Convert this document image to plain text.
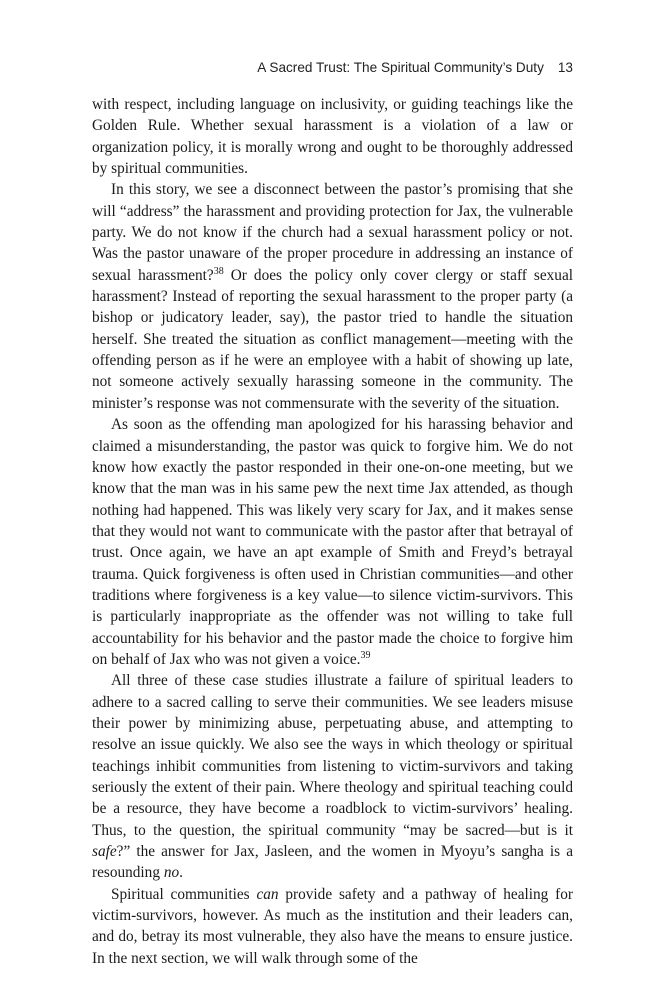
A Sacred Trust: The Spiritual Community’s Duty 13

with respect, including language on inclusivity, or guiding teachings like the Golden Rule. Whether sexual harassment is a violation of a law or organization policy, it is morally wrong and ought to be thoroughly addressed by spiritual communities.

In this story, we see a disconnect between the pastor’s promising that she will “address” the harassment and providing protection for Jax, the vulnerable party. We do not know if the church had a sexual harassment policy or not. Was the pastor unaware of the proper procedure in addressing an instance of sexual harassment?$^{38}$ Or does the policy only cover clergy or staff sexual harassment? Instead of reporting the sexual harassment to the proper party (a bishop or judicatory leader, say), the pastor tried to handle the situation herself. She treated the situation as conflict management—meeting with the offending person as if he were an employee with a habit of showing up late, not someone actively sexually harassing someone in the community. The minister’s response was not commensurate with the severity of the situation.

As soon as the offending man apologized for his harassing behavior and claimed a misunderstanding, the pastor was quick to forgive him. We do not know how exactly the pastor responded in their one-on-one meeting, but we know that the man was in his same pew the next time Jax attended, as though nothing had happened. This was likely very scary for Jax, and it makes sense that they would not want to communicate with the pastor after that betrayal of trust. Once again, we have an apt example of Smith and Freyd’s betrayal trauma. Quick forgiveness is often used in Christian communities—and other traditions where forgiveness is a key value—to silence victim-survivors. This is particularly inappropriate as the offender was not willing to take full accountability for his behavior and the pastor made the choice to forgive him on behalf of Jax who was not given a voice.$^{39}$

All three of these case studies illustrate a failure of spiritual leaders to adhere to a sacred calling to serve their communities. We see leaders misuse their power by minimizing abuse, perpetuating abuse, and attempting to resolve an issue quickly. We also see the ways in which theology or spiritual teachings inhibit communities from listening to victim-survivors and taking seriously the extent of their pain. Where theology and spiritual teaching could be a resource, they have become a roadblock to victim-survivors’ healing. Thus, to the question, the spiritual community “may be sacred—but is it safe?” the answer for Jax, Jasleen, and the women in Myoyu’s sangha is a resounding no.

Spiritual communities can provide safety and a pathway of healing for victim-survivors, however. As much as the institution and their leaders can, and do, betray its most vulnerable, they also have the means to ensure justice. In the next section, we will walk through some of the
